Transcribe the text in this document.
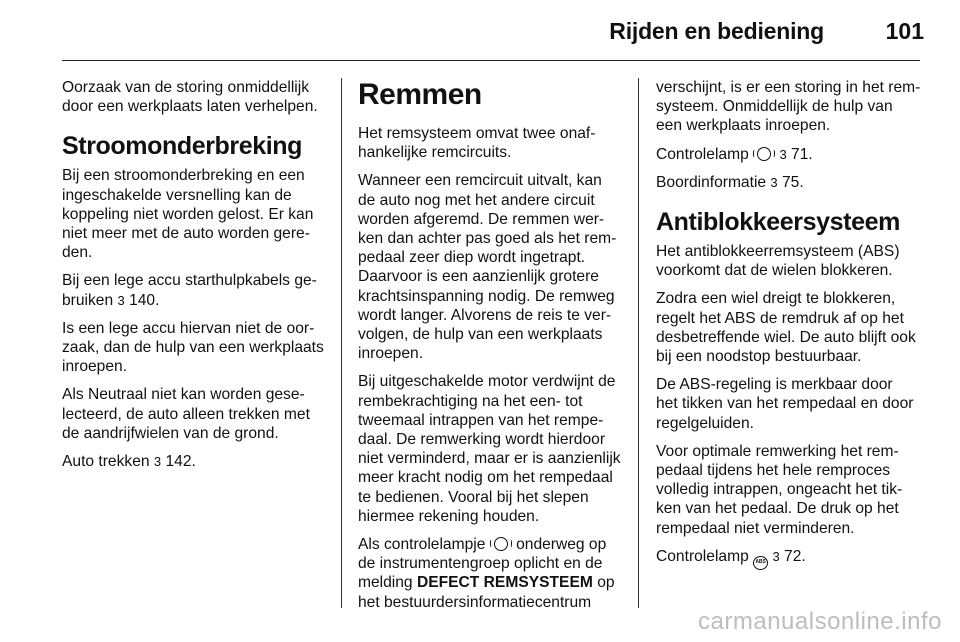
Rijden en bediening	101

Oorzaak van de storing onmiddellijk
door een werkplaats laten verhelpen.

Stroomonderbreking

Bij een stroomonderbreking en een
ingeschakelde versnelling kan de
koppeling niet worden gelost. Er kan
niet meer met de auto worden gere-
den.

Bij een lege accu starthulpkabels ge-
bruiken 3 140.

Is een lege accu hiervan niet de oor-
zaak, dan de hulp van een werkplaats
inroepen.

Als Neutraal niet kan worden gese-
lecteerd, de auto alleen trekken met
de aandrijfwielen van de grond.

Auto trekken 3 142.

Remmen

Het remsysteem omvat twee onaf-
hankelijke remcircuits.

Wanneer een remcircuit uitvalt, kan
de auto nog met het andere circuit
worden afgeremd. De remmen wer-
ken dan achter pas goed als het rem-
pedaal zeer diep wordt ingetrapt.
Daarvoor is een aanzienlijk grotere
krachtsinspanning nodig. De remweg
wordt langer. Alvorens de reis te ver-
volgen, de hulp van een werkplaats
inroepen.

Bij uitgeschakelde motor verdwijnt de
rembekrachtiging na het een- tot
tweemaal intrappen van het rempe-
daal. De remwerking wordt hierdoor
niet verminderd, maar er is aanzienlijk
meer kracht nodig om het rempedaal
te bedienen. Vooral bij het slepen
hiermee rekening houden.

Als controlelampje onderweg op
de instrumentengroep oplicht en de
melding DEFECT REMSYSTEEM op
het bestuurdersinformatiecentrum

verschijnt, is er een storing in het rem-
systeem. Onmiddellijk de hulp van
een werkplaats inroepen.

Controlelamp 3 71.

Boordinformatie 3 75.

Antiblokkeersysteem

Het antiblokkeerremsysteem (ABS)
voorkomt dat de wielen blokkeren.

Zodra een wiel dreigt te blokkeren,
regelt het ABS de remdruk af op het
desbetreffende wiel. De auto blijft ook
bij een noodstop bestuurbaar.

De ABS-regeling is merkbaar door
het tikken van het rempedaal en door
regelgeluiden.

Voor optimale remwerking het rem-
pedaal tijdens het hele remproces
volledig intrappen, ongeacht het tik-
ken van het pedaal. De druk op het
rempedaal niet verminderen.

Controlelamp ABS 3 72.

carmanualsonline.info
